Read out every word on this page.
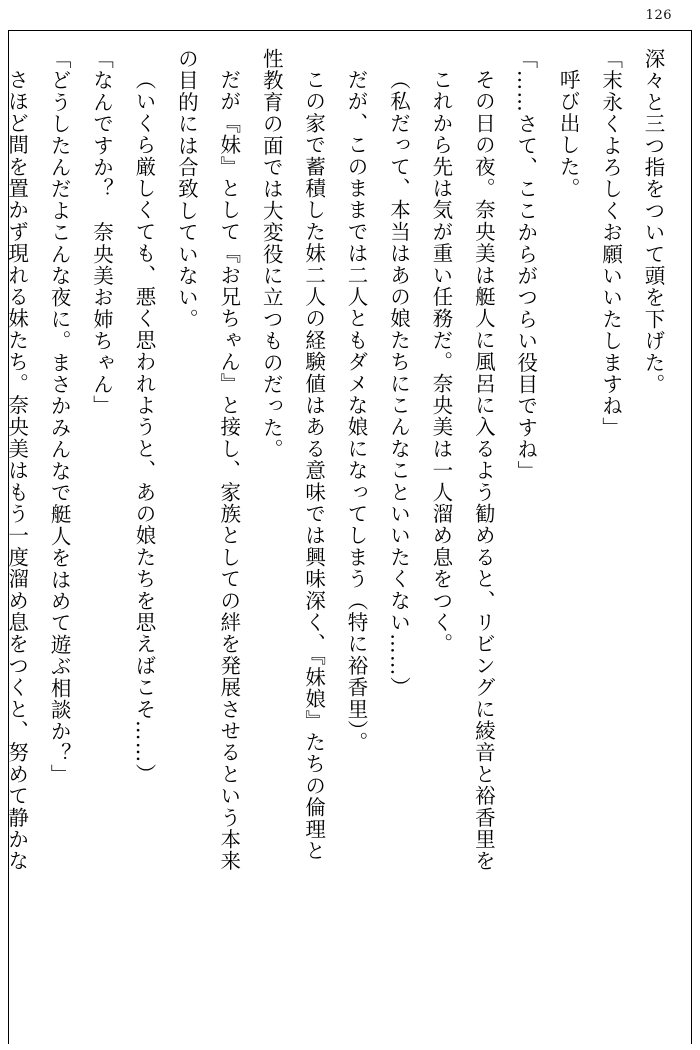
126

深々と三つ指をついて頭を下げた。

「末永くよろしくお願いいたしますね」

呼び出した。

「……さて、ここからがつらい役目ですね」

その日の夜。奈央美は艇人に風呂に入るよう勧めると、リビングに綾音と裕香里を

これから先は気が重い任務だ。奈央美は一人溜め息をつく。

（私だって、本当はあの娘たちにこんなこといいたくない……）

だが、このままでは二人ともダメな娘になってしまう（特に裕香里）。

この家で蓄積した妹二人の経験値はある意味では興味深く、『妹娘』たちの倫理と

性教育の面では大変役に立つものだった。

だが『妹』として『お兄ちゃん』と接し、家族としての絆を発展させるという本来

の目的には合致していない。

（いくら厳しくても、悪く思われようと、あの娘たちを思えばこそ……）

「なんですか？　奈央美お姉ちゃん」

「どうしたんだよこんな夜に。まさかみんなで艇人をはめて遊ぶ相談か？」

さほど間を置かず現れる妹たち。奈央美はもう一度溜め息をつくと、努めて静かな
